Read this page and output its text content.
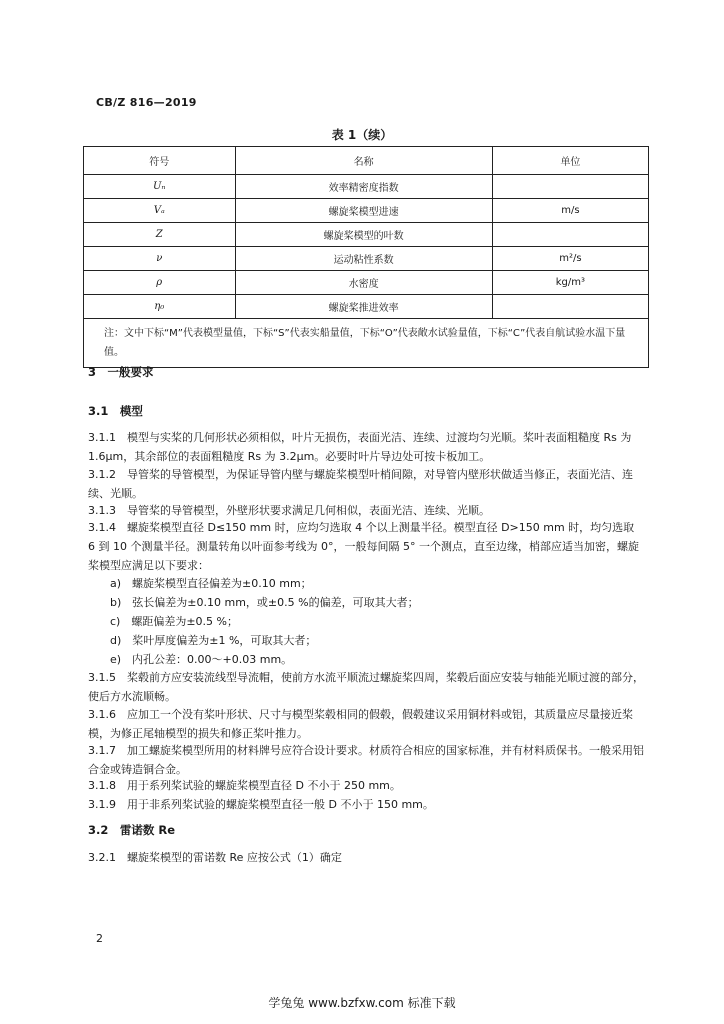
CB/Z 816—2019
表 1（续）
符号	名称	单位
Uₙ	效率精密度指数	
Vₐ	螺旋桨模型进速	m/s
Z	螺旋桨模型的叶数	
ν	运动粘性系数	m²/s
ρ	水密度	kg/m³
η₀	螺旋桨推进效率	
注：文中下标“M”代表模型量值，下标“S”代表实船量值，下标“O”代表敞水试验量值，下标“C”代表自航试验水温下量值。		
3　一般要求
3.1　模型
3.1.1　模型与实桨的几何形状必须相似，叶片无损伤，表面光洁、连续、过渡均匀光顺。桨叶表面粗糙度 Rs 为 1.6μm，其余部位的表面粗糙度 Rs 为 3.2μm。必要时叶片导边处可按卡板加工。
3.1.2　导管桨的导管模型，为保证导管内壁与螺旋桨模型叶梢间隙，对导管内壁形状做适当修正，表面光洁、连续、光顺。
3.1.3　导管桨的导管模型，外壁形状要求满足几何相似，表面光洁、连续、光顺。
3.1.4　螺旋桨模型直径 D≤150 mm 时，应均匀选取 4 个以上测量半径。模型直径 D>150 mm 时，均匀选取 6 到 10 个测量半径。测量转角以叶面参考线为 0°，一般每间隔 5° 一个测点，直至边缘，梢部应适当加密，螺旋桨模型应满足以下要求：
a)　螺旋桨模型直径偏差为±0.10 mm；
b)　弦长偏差为±0.10 mm，或±0.5 %的偏差，可取其大者；
c)　螺距偏差为±0.5 %；
d)　桨叶厚度偏差为±1 %，可取其大者；
e)　内孔公差：0.00～+0.03 mm。
3.1.5　桨毂前方应安装流线型导流帽，使前方水流平顺流过螺旋桨四周，桨毂后面应安装与轴能光顺过渡的部分，使后方水流顺畅。
3.1.6　应加工一个没有桨叶形状、尺寸与模型桨毂相同的假毂，假毂建议采用铜材料或铝，其质量应尽量接近桨模，为修正尾轴模型的损失和修正桨叶推力。
3.1.7　加工螺旋桨模型所用的材料牌号应符合设计要求。材质符合相应的国家标准，并有材料质保书。一般采用铝合金或铸造铜合金。
3.1.8　用于系列桨试验的螺旋桨模型直径 D 不小于 250 mm。
3.1.9　用于非系列桨试验的螺旋桨模型直径一般 D 不小于 150 mm。
3.2　雷诺数 Re
3.2.1　螺旋桨模型的雷诺数 Re 应按公式（1）确定
2
学兔兔 www.bzfxw.com 标准下载
